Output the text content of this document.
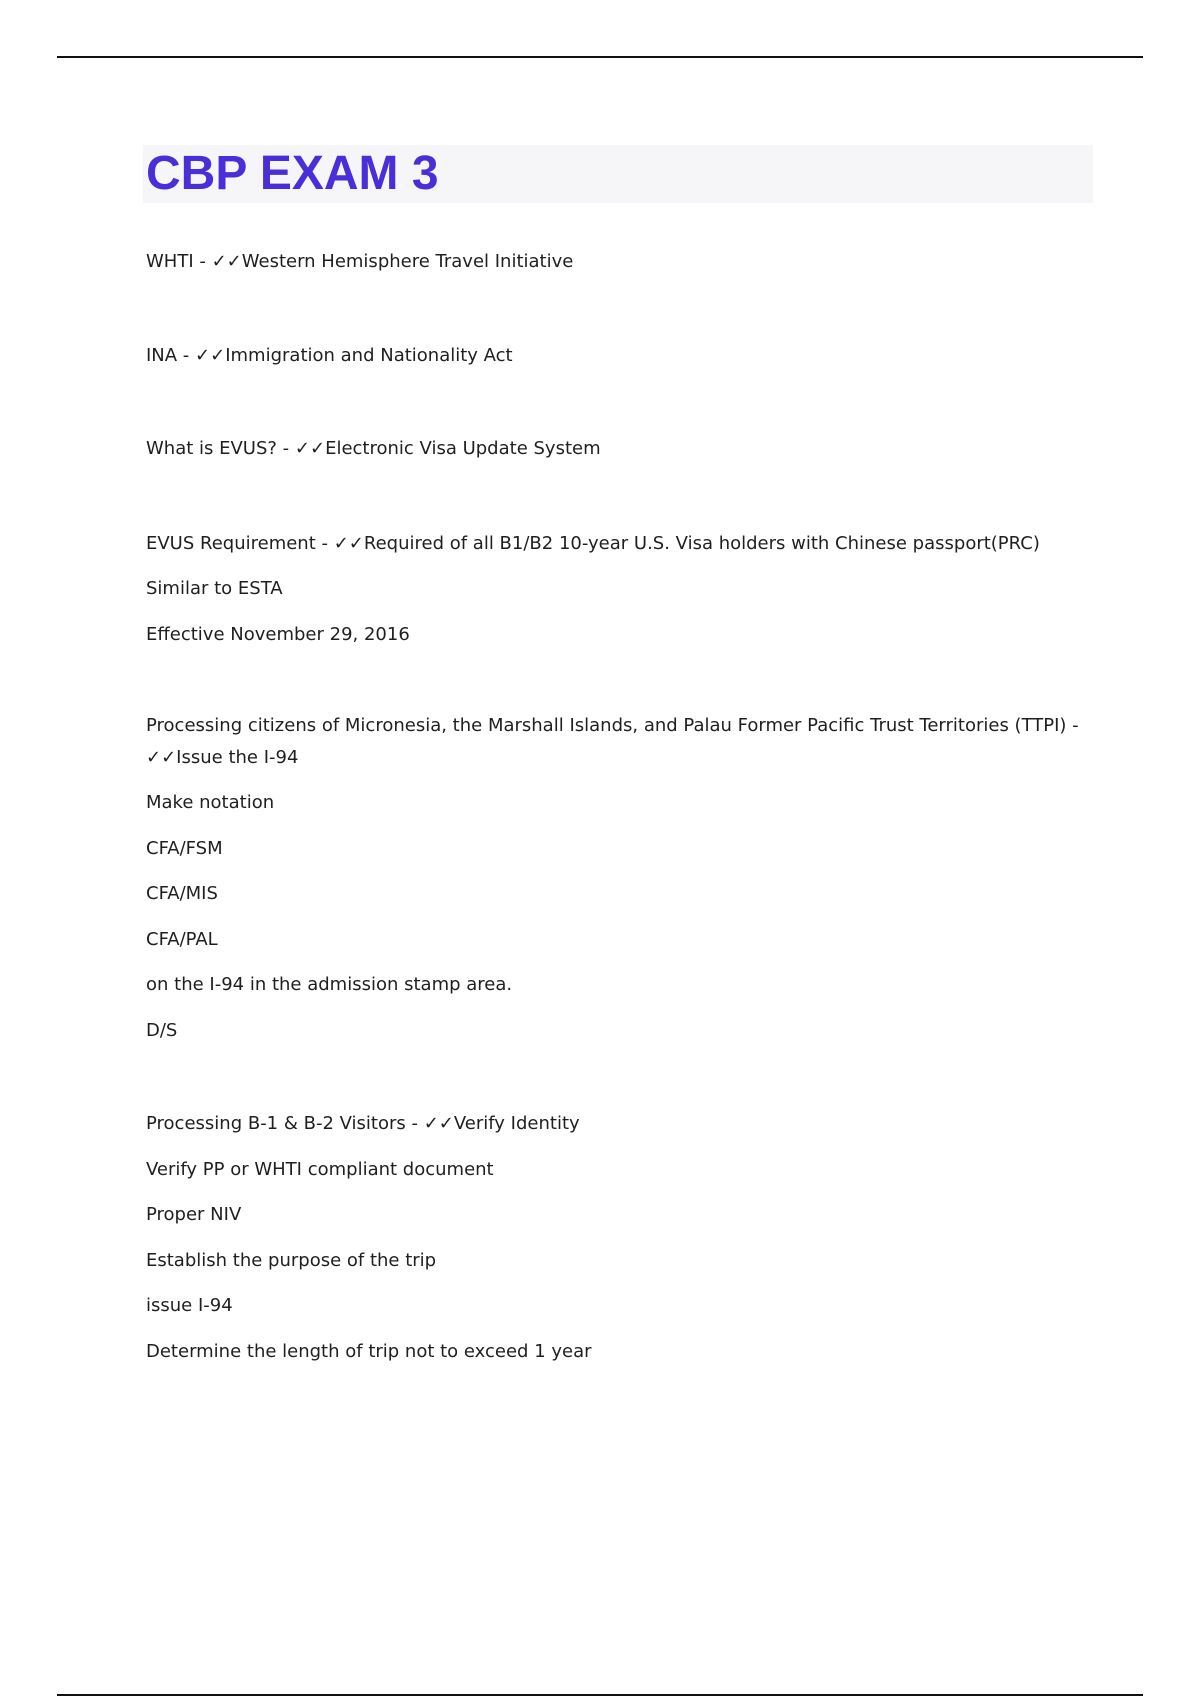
CBP EXAM 3

WHTI - ✓✓Western Hemisphere Travel Initiative

INA - ✓✓Immigration and Nationality Act

What is EVUS? - ✓✓Electronic Visa Update System

EVUS Requirement - ✓✓Required of all B1/B2 10-year U.S. Visa holders with Chinese passport(PRC)

Similar to ESTA

Effective November 29, 2016

Processing citizens of Micronesia, the Marshall Islands, and Palau Former Pacific Trust Territories (TTPI) -

✓✓Issue the I-94

Make notation

CFA/FSM

CFA/MIS

CFA/PAL

on the I-94 in the admission stamp area.

D/S

Processing B-1 & B-2 Visitors - ✓✓Verify Identity

Verify PP or WHTI compliant document

Proper NIV

Establish the purpose of the trip

issue I-94

Determine the length of trip not to exceed 1 year
